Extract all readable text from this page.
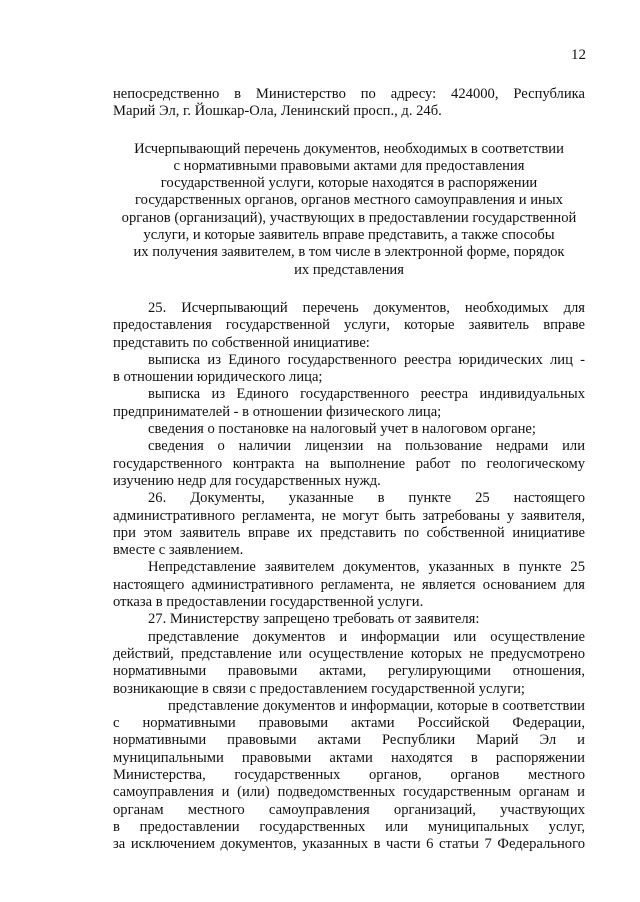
12

непосредственно в Министерство по адресу: 424000, Республика

Марий Эл, г. Йошкар-Ола, Ленинский просп., д. 24б.

Исчерпывающий перечень документов, необходимых в соответствии

с нормативными правовыми актами для предоставления

государственной услуги, которые находятся в распоряжении

государственных органов, органов местного самоуправления и иных

органов (организаций), участвующих в предоставлении государственной

услуги, и которые заявитель вправе представить, а также способы

их получения заявителем, в том числе в электронной форме, порядок

их представления

25. Исчерпывающий перечень документов, необходимых для

предоставления государственной услуги, которые заявитель вправе

представить по собственной инициативе:

выписка из Единого государственного реестра юридических лиц -

в отношении юридического лица;

выписка из Единого государственного реестра индивидуальных

предпринимателей - в отношении физического лица;

сведения о постановке на налоговый учет в налоговом органе;

сведения о наличии лицензии на пользование недрами или

государственного контракта на выполнение работ по геологическому

изучению недр для государственных нужд.

26. Документы, указанные в пункте 25 настоящего

административного регламента, не могут быть затребованы у заявителя,

при этом заявитель вправе их представить по собственной инициативе

вместе с заявлением.

Непредставление заявителем документов, указанных в пункте 25

настоящего административного регламента, не является основанием для

отказа в предоставлении государственной услуги.

27. Министерству запрещено требовать от заявителя:

представление документов и информации или осуществление

действий, представление или осуществление которых не предусмотрено

нормативными правовыми актами, регулирующими отношения,

возникающие в связи с предоставлением государственной услуги;

представление документов и информации, которые в соответствии

с нормативными правовыми актами Российской Федерации,

нормативными правовыми актами Республики Марий Эл и

муниципальными правовыми актами находятся в распоряжении

Министерства, государственных органов, органов местного

самоуправления и (или) подведомственных государственным органам и

органам местного самоуправления организаций, участвующих

в предоставлении государственных или муниципальных услуг,

за исключением документов, указанных в части 6 статьи 7 Федерального
